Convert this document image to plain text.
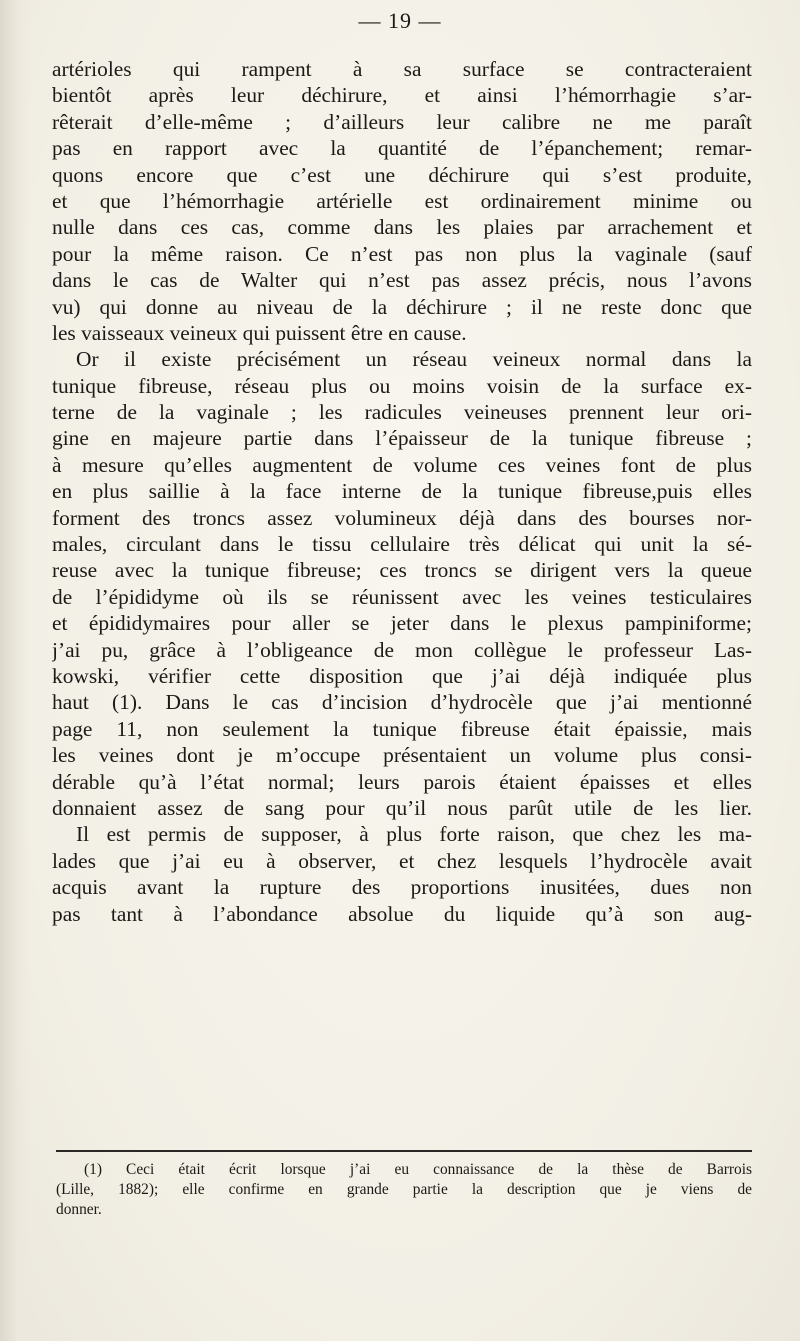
— 19 —
artérioles qui rampent à sa surface se contracteraient
bientôt après leur déchirure, et ainsi l’hémorrhagie s’ar-
rêterait d’elle-même ; d’ailleurs leur calibre ne me paraît
pas en rapport avec la quantité de l’épanchement; remar-
quons encore que c’est une déchirure qui s’est produite,
et que l’hémorrhagie artérielle est ordinairement minime ou
nulle dans ces cas, comme dans les plaies par arrachement et
pour la même raison. Ce n’est pas non plus la vaginale (sauf
dans le cas de Walter qui n’est pas assez précis, nous l’avons
vu) qui donne au niveau de la déchirure ; il ne reste donc que
les vaisseaux veineux qui puissent être en cause.
Or il existe précisément un réseau veineux normal dans la
tunique fibreuse, réseau plus ou moins voisin de la surface ex-
terne de la vaginale ; les radicules veineuses prennent leur ori-
gine en majeure partie dans l’épaisseur de la tunique fibreuse ;
à mesure qu’elles augmentent de volume ces veines font de plus
en plus saillie à la face interne de la tunique fibreuse,puis elles
forment des troncs assez volumineux déjà dans des bourses nor-
males, circulant dans le tissu cellulaire très délicat qui unit la sé-
reuse avec la tunique fibreuse; ces troncs se dirigent vers la queue
de l’épididyme où ils se réunissent avec les veines testiculaires
et épididymaires pour aller se jeter dans le plexus pampiniforme;
j’ai pu, grâce à l’obligeance de mon collègue le professeur Las-
kowski, vérifier cette disposition que j’ai déjà indiquée plus
haut (1). Dans le cas d’incision d’hydrocèle que j’ai mentionné
page 11, non seulement la tunique fibreuse était épaissie, mais
les veines dont je m’occupe présentaient un volume plus consi-
dérable qu’à l’état normal; leurs parois étaient épaisses et elles
donnaient assez de sang pour qu’il nous parût utile de les lier.
Il est permis de supposer, à plus forte raison, que chez les ma-
lades que j’ai eu à observer, et chez lesquels l’hydrocèle avait
acquis avant la rupture des proportions inusitées, dues non
pas tant à l’abondance absolue du liquide qu’à son aug-
(1) Ceci était écrit lorsque j’ai eu connaissance de la thèse de Barrois
(Lille, 1882); elle confirme en grande partie la description que je viens de
donner.
